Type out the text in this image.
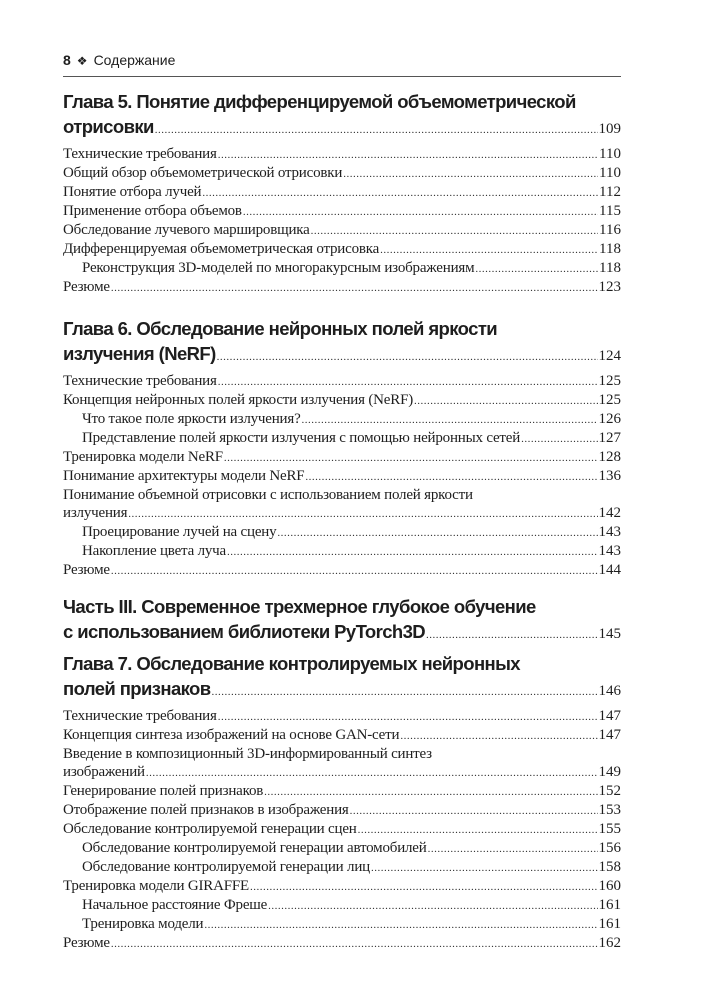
8 ❖ Содержание
Глава 5. Понятие дифференцируемой объемометрической
отрисовки .....	109
Технические требования .....	110
Общий обзор объемометрической отрисовки .....	110
Понятие отбора лучей .....	112
Применение отбора объемов .....	115
Обследование лучевого маршировщика .....	116
Дифференцируемая объемометрическая отрисовка .....	118
Реконструкция 3D-моделей по многоракурсным изображениям .....	118
Резюме .....	123
Глава 6. Обследование нейронных полей яркости
излучения (NeRF) .....	124
Технические требования .....	125
Концепция нейронных полей яркости излучения (NeRF) .....	125
Что такое поле яркости излучения? .....	126
Представление полей яркости излучения с помощью нейронных сетей .....	127
Тренировка модели NeRF .....	128
Понимание архитектуры модели NeRF .....	136
Понимание объемной отрисовки с использованием полей яркости
излучения .....	142
Проецирование лучей на сцену .....	143
Накопление цвета луча .....	143
Резюме .....	144
Часть III. Современное трехмерное глубокое обучение
с использованием библиотеки PyTorch3D .....	145
Глава 7. Обследование контролируемых нейронных
полей признаков .....	146
Технические требования .....	147
Концепция синтеза изображений на основе GAN-сети .....	147
Введение в композиционный 3D-информированный синтез
изображений .....	149
Генерирование полей признаков .....	152
Отображение полей признаков в изображения .....	153
Обследование контролируемой генерации сцен .....	155
Обследование контролируемой генерации автомобилей .....	156
Обследование контролируемой генерации лиц .....	158
Тренировка модели GIRAFFE .....	160
Начальное расстояние Фреше .....	161
Тренировка модели .....	161
Резюме .....	162
